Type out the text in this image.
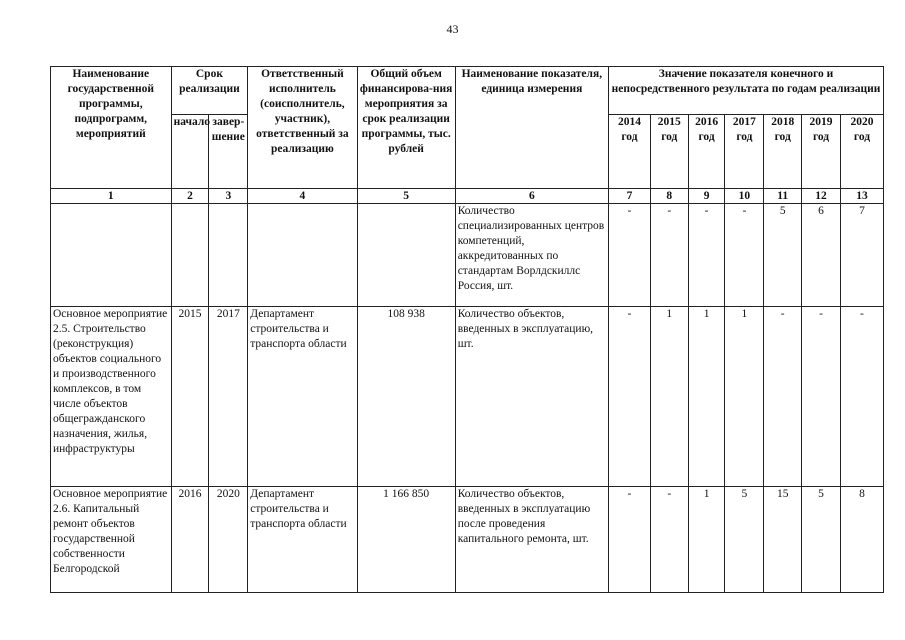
43
Наименование государственной программы, подпрограмм, мероприятий	Срок реализации		Ответственный исполнитель (соисполнитель, участник), ответственный за реализацию	Общий объем финансирова-ния мероприятия за срок реализации программы, тыс. рублей	Наименование показателя, единица измерения	Значение показателя конечного и непосредственного результата по годам реализации						
	начало	завер-шение				2014 год	2015 год	2016 год	2017 год	2018 год	2019 год	2020 год
1	2	3	4	5	6	7	8	9	10	11	12	13
					Количество специализированных центров компетенций, аккредитованных по стандартам Ворлдскиллс Россия, шт.	-	-	-	-	5	6	7
Основное мероприятие 2.5. Строительство (реконструкция) объектов социального и производственного комплексов, в том числе объектов общегражданского назначения, жилья, инфраструктуры	2015	2017	Департамент строительства и транспорта области	108 938	Количество объектов, введенных в эксплуатацию, шт.	-	1	1	1	-	-	-
Основное мероприятие 2.6. Капитальный ремонт объектов государственной собственности Белгородской	2016	2020	Департамент строительства и транспорта области	1 166 850	Количество объектов, введенных в эксплуатацию после проведения капитального ремонта, шт.	-	-	1	5	15	5	8
